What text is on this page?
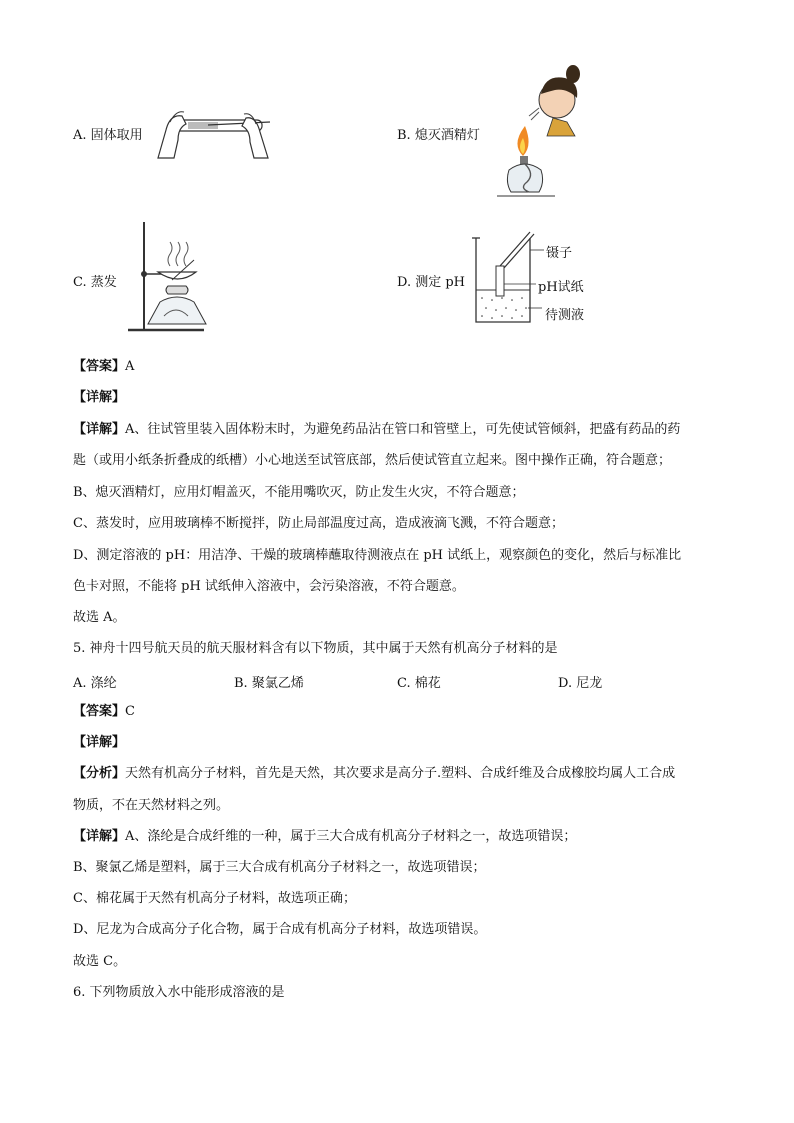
A. 固体取用	B. 熄灭酒精灯
C. 蒸发	D. 测定 pH
镊子
pH试纸
待测液
【答案】A
【详解】
【详解】A、往试管里装入固体粉末时，为避免药品沾在管口和管壁上，可先使试管倾斜，把盛有药品的药
匙（或用小纸条折叠成的纸槽）小心地送至试管底部，然后使试管直立起来。图中操作正确，符合题意；
B、熄灭酒精灯，应用灯帽盖灭，不能用嘴吹灭，防止发生火灾，不符合题意；
C、蒸发时，应用玻璃棒不断搅拌，防止局部温度过高，造成液滴飞溅，不符合题意；
D、测定溶液的 pH：用洁净、干燥的玻璃棒蘸取待测液点在 pH 试纸上，观察颜色的变化，然后与标准比
色卡对照，不能将 pH 试纸伸入溶液中，会污染溶液，不符合题意。
故选 A。
5. 神舟十四号航天员的航天服材料含有以下物质，其中属于天然有机高分子材料的是
A. 涤纶	B. 聚氯乙烯	C. 棉花	D. 尼龙
【答案】C
【详解】
【分析】天然有机高分子材料，首先是天然，其次要求是高分子.塑料、合成纤维及合成橡胶均属人工合成
物质，不在天然材料之列。
【详解】A、涤纶是合成纤维的一种，属于三大合成有机高分子材料之一，故选项错误；
B、聚氯乙烯是塑料，属于三大合成有机高分子材料之一，故选项错误；
C、棉花属于天然有机高分子材料，故选项正确；
D、尼龙为合成高分子化合物，属于合成有机高分子材料，故选项错误。
故选 C。
6. 下列物质放入水中能形成溶液的是
